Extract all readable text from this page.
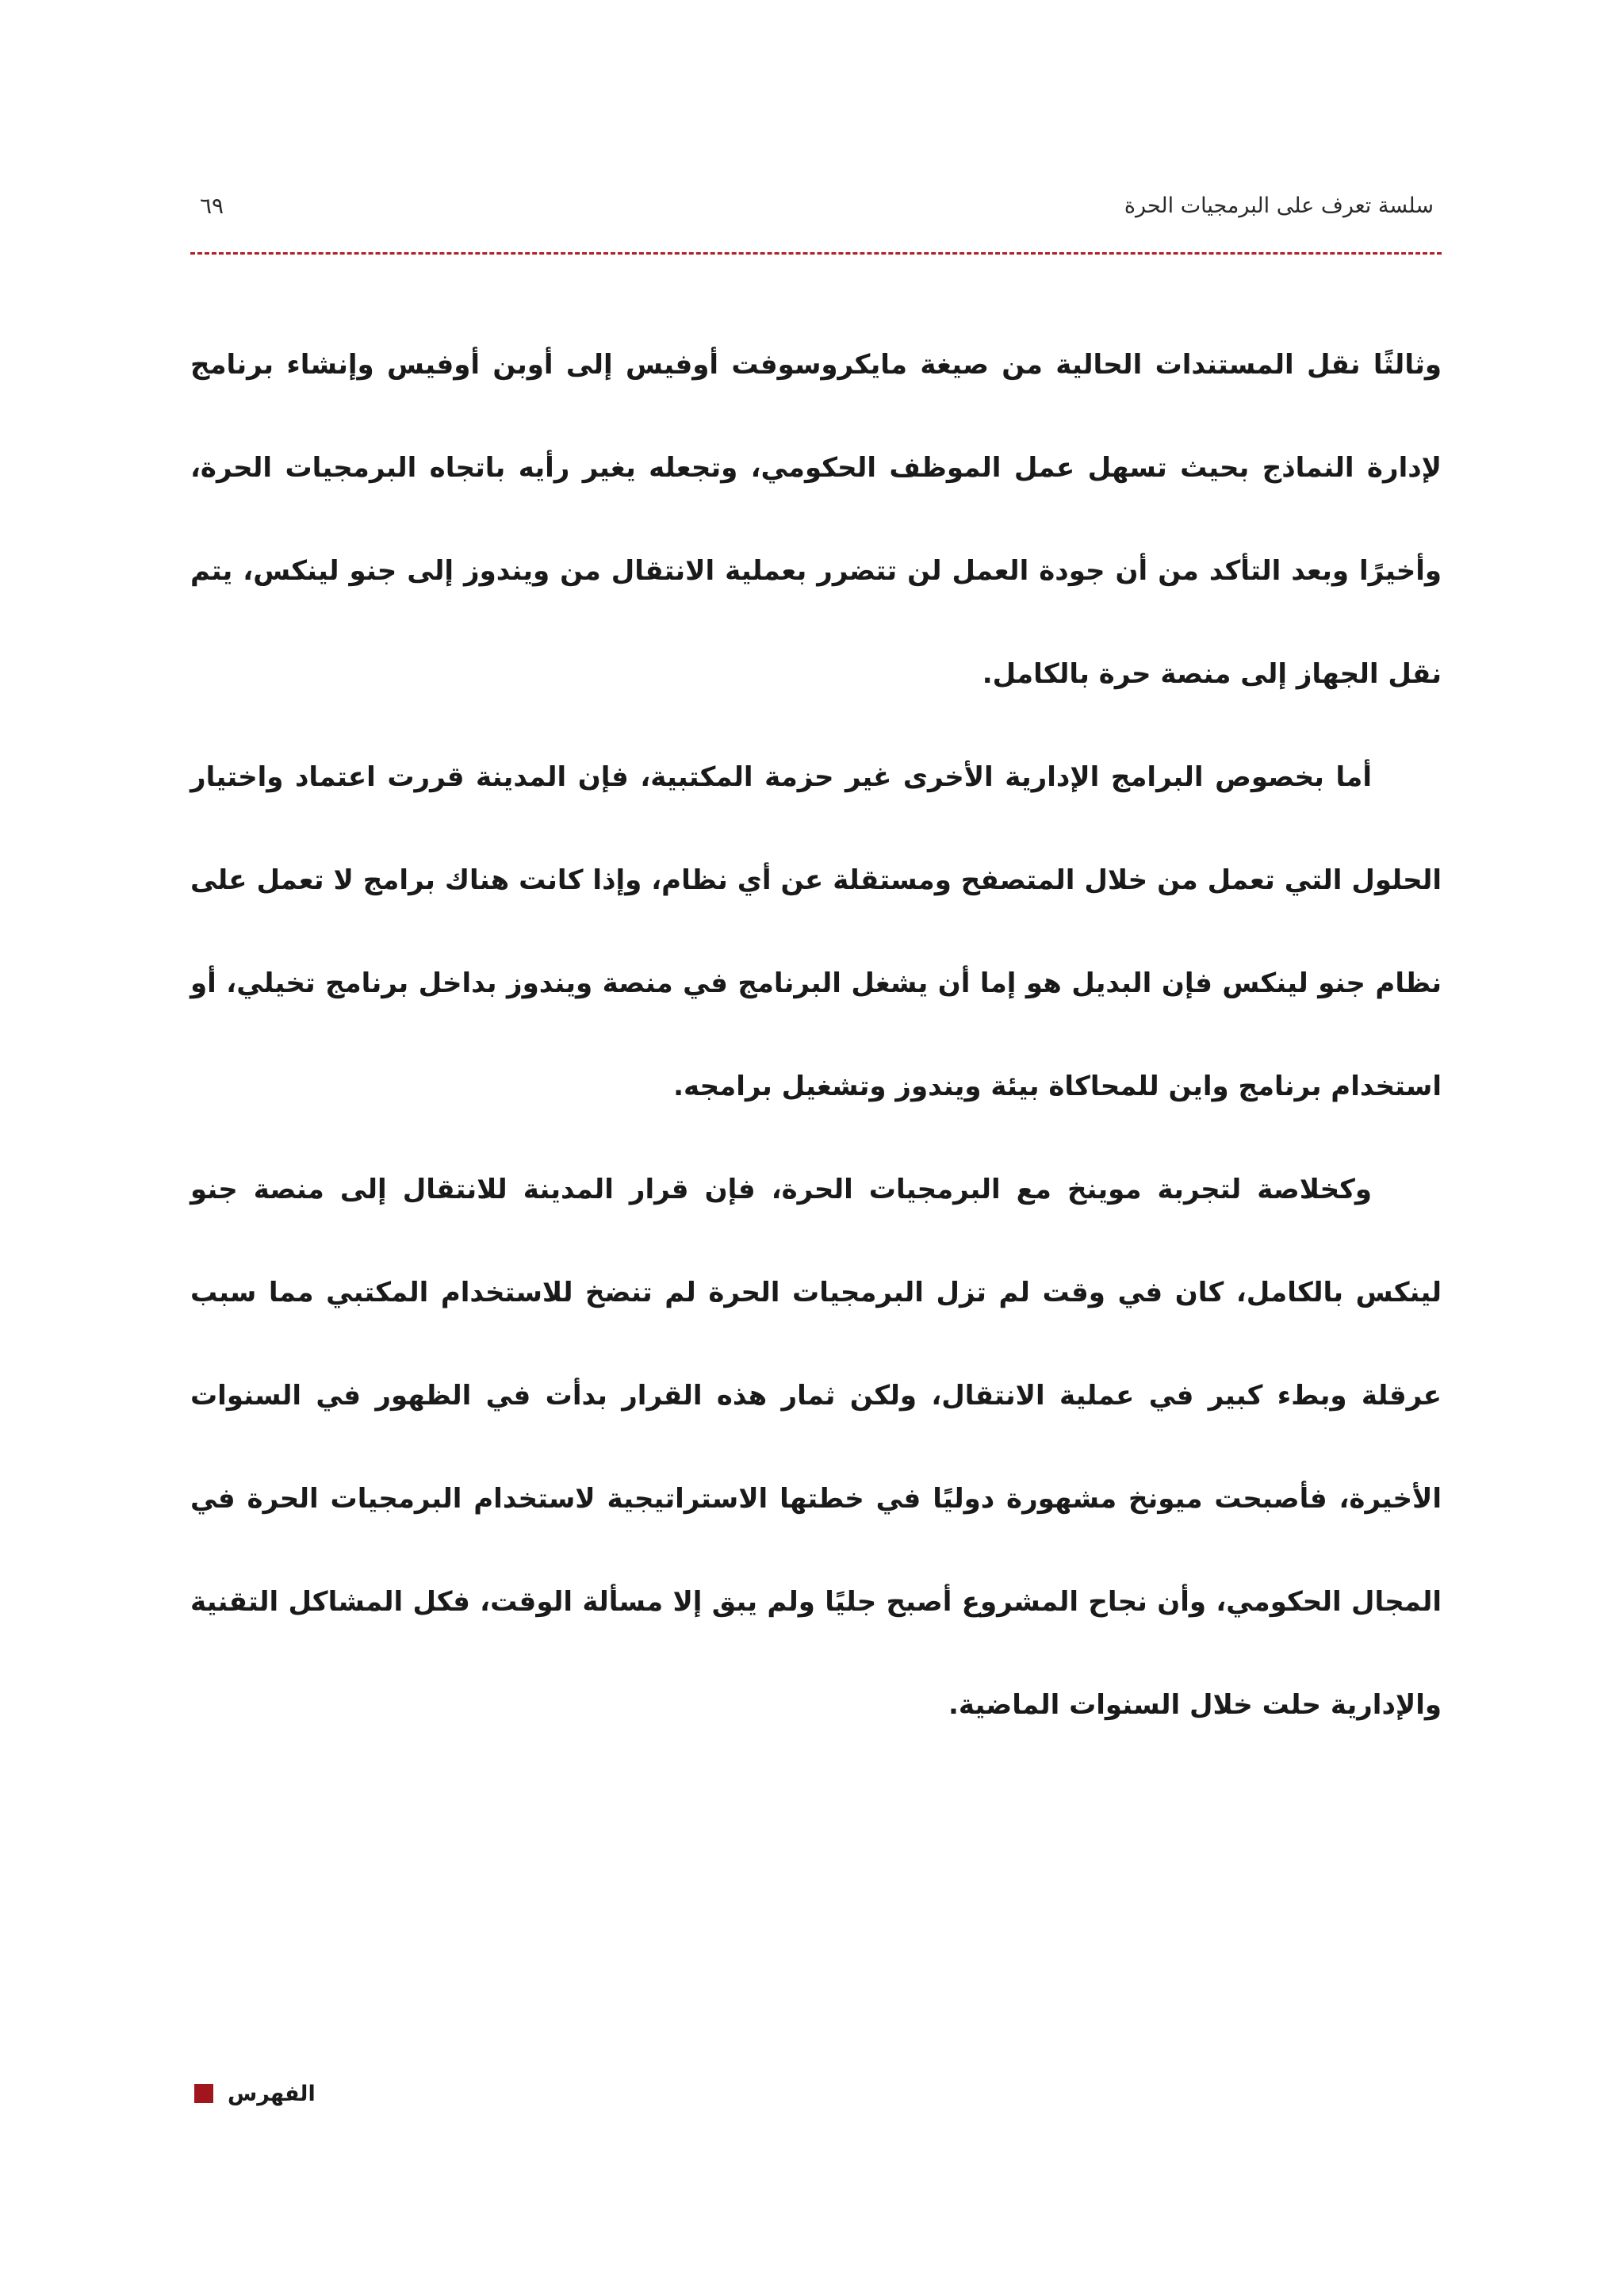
سلسة تعرف على البرمجيات الحرة
٦٩

وثالثًا نقل المستندات الحالية من صيغة مايكروسوفت أوفيس إلى أوبن أوفيس وإنشاء برنامج لإدارة النماذج بحيث تسهل عمل الموظف الحكومي، وتجعله يغير رأيه باتجاه البرمجيات الحرة، وأخيرًا وبعد التأكد من أن جودة العمل لن تتضرر بعملية الانتقال من ويندوز إلى جنو لينكس، يتم نقل الجهاز إلى منصة حرة بالكامل.

أما بخصوص البرامج الإدارية الأخرى غير حزمة المكتبية، فإن المدينة قررت اعتماد واختيار الحلول التي تعمل من خلال المتصفح ومستقلة عن أي نظام، وإذا كانت هناك برامج لا تعمل على نظام جنو لينكس فإن البديل هو إما أن يشغل البرنامج في منصة ويندوز بداخل برنامج تخيلي، أو استخدام برنامج واين للمحاكاة بيئة ويندوز وتشغيل برامجه.

وكخلاصة لتجربة موينخ مع البرمجيات الحرة، فإن قرار المدينة للانتقال إلى منصة جنو لينكس بالكامل، كان في وقت لم تزل البرمجيات الحرة لم تنضخ للاستخدام المكتبي مما سبب عرقلة وبطء كبير في عملية الانتقال، ولكن ثمار هذه القرار بدأت في الظهور في السنوات الأخيرة، فأصبحت ميونخ مشهورة دوليًا في خطتها الاستراتيجية لاستخدام البرمجيات الحرة في المجال الحكومي، وأن نجاح المشروع أصبح جليًا ولم يبق إلا مسألة الوقت، فكل المشاكل التقنية والإدارية حلت خلال السنوات الماضية.

الفهرس
